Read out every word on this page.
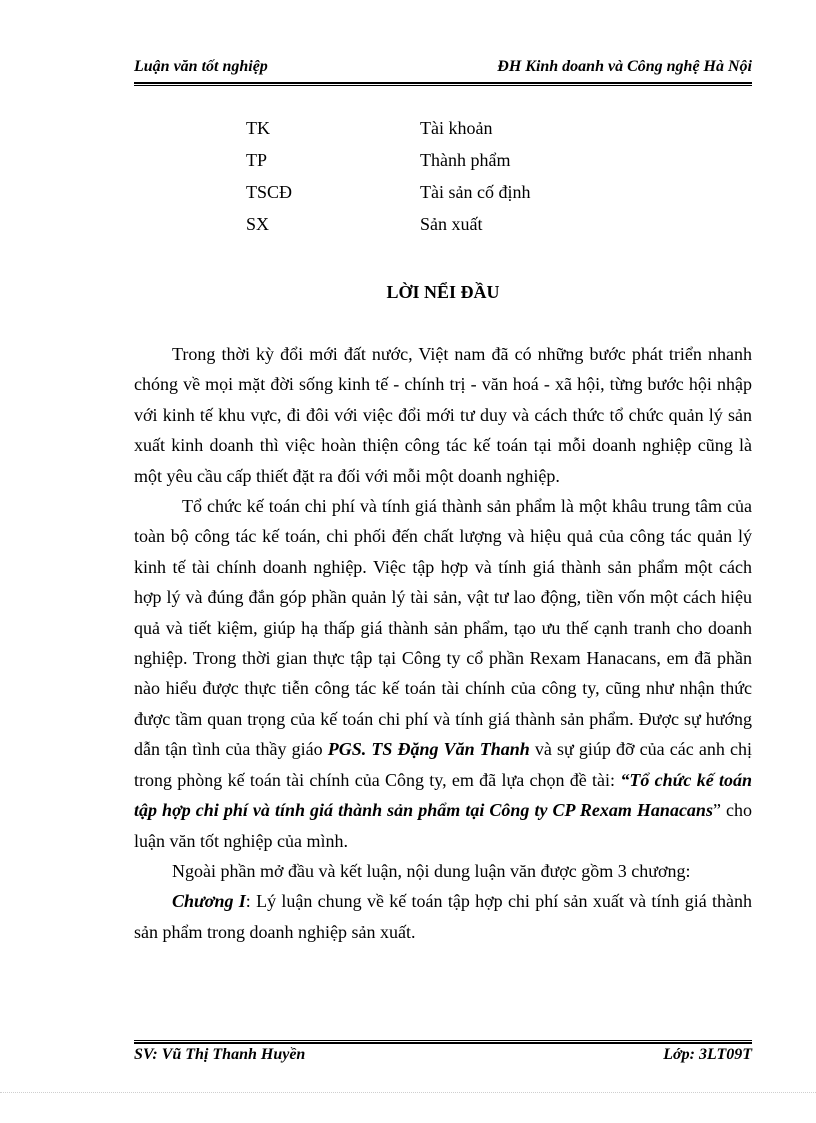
Luận văn tốt nghiệp	ĐH Kinh doanh và Công nghệ Hà Nội
TK	Tài khoản
TP	Thành phẩm
TSCĐ	Tài sản cố định
SX	Sản xuất
LỜI NỂI ĐẦU

Trong thời kỳ đổi mới đất nước, Việt nam đã có những bước phát triển nhanh chóng về mọi mặt đời sống kinh tế - chính trị - văn hoá - xã hội, từng bước hội nhập với kinh tế khu vực, đi đôi với việc đổi mới tư duy và cách thức tổ chức quản lý sản xuất kinh doanh thì việc hoàn thiện công tác kế toán tại mỗi doanh nghiệp cũng là một yêu cầu cấp thiết đặt ra đối với mỗi một doanh nghiệp.

Tổ chức kế toán chi phí và tính giá thành sản phẩm là một khâu trung tâm của toàn bộ công tác kế toán, chi phối đến chất lượng và hiệu quả của công tác quản lý kinh tế tài chính doanh nghiệp. Việc tập hợp và tính giá thành sản phẩm một cách hợp lý và đúng đắn góp phần quản lý tài sản, vật tư lao động, tiền vốn một cách hiệu quả và tiết kiệm, giúp hạ thấp giá thành sản phẩm, tạo ưu thế cạnh tranh cho doanh nghiệp. Trong thời gian thực tập tại Công ty cổ phần Rexam Hanacans, em đã phần nào hiểu được thực tiễn công tác kế toán tài chính của công ty, cũng như nhận thức được tầm quan trọng của kế toán chi phí và tính giá thành sản phẩm. Được sự hướng dẫn tận tình của thầy giáo PGS. TS Đặng Văn Thanh và sự giúp đỡ của các anh chị trong phòng kế toán tài chính của Công ty, em đã lựa chọn đề tài: “Tổ chức kế toán tập hợp chi phí và tính giá thành sản phẩm tại Công ty CP Rexam Hanacans” cho luận văn tốt nghiệp của mình.

Ngoài phần mở đầu và kết luận, nội dung luận văn được gồm 3 chương:

Chương I: Lý luận chung về kế toán tập hợp chi phí sản xuất và tính giá thành sản phẩm trong doanh nghiệp sản xuất.

SV: Vũ Thị Thanh Huyền	Lớp: 3LT09T
